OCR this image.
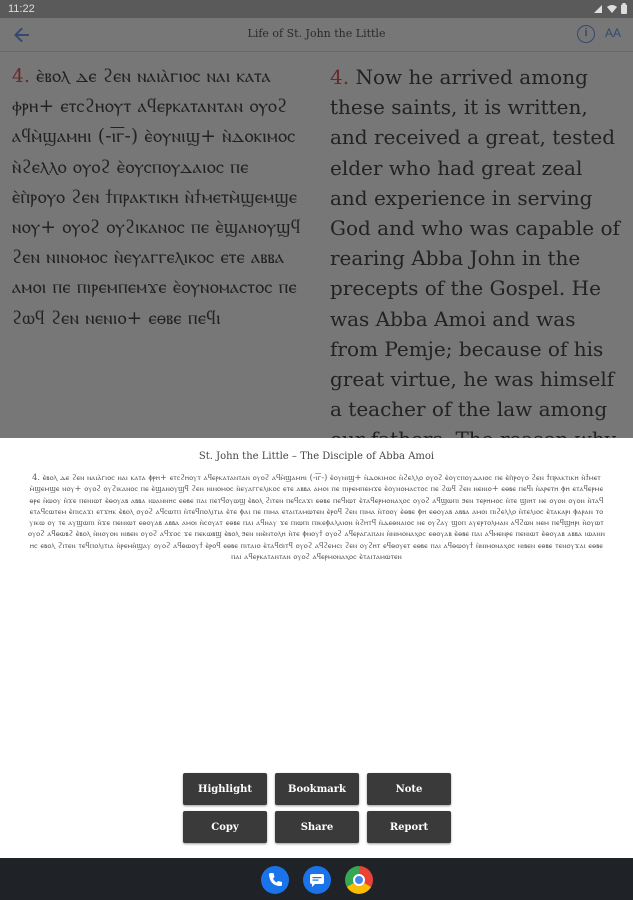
11:22
Life of St. John the Little	i	AA
4. ⲉ̀ⲃⲟⲗ ⲇⲉ ϩⲉⲛ ⲛⲁⲓⲁ̀ⲅⲓⲟⲥ ⲛⲁⲓ ⲕⲁⲧⲁ ⲫⲣⲏ+ ⲉⲧⲥϩⲏⲟⲩⲧ ⲁϥⲉⲣⲕⲁⲧⲁⲛⲧⲁⲛ ⲟⲩⲟϩ ⲁϥⲙ̀ϣⲁⲙⲏⲓ (-ⲓ̅ⲅ̅-) ⲉ̀ⲟⲩⲛⲓϣ+ ⲛ̀ⲇⲟⲕⲓⲙⲟⲥ ⲛ̀ϩⲉⲗⲗⲟ ⲟⲩⲟϩ ⲉ̀ⲟⲩⲥⲡⲟⲩⲇⲁⲓⲟⲥ ⲡⲉ ⲉ̀ⲡ̀ⲣⲟⲩⲟ ϩⲉⲛ ϯⲡⲣⲁⲕⲧⲓⲕⲏ ⲛ̀ϯⲙⲉⲧⲙ̀ϣⲉⲙϣⲉ ⲛⲟⲩ+ ⲟⲩⲟϩ ⲟⲩϩⲓⲕⲁⲛⲟⲥ ⲡⲉ ⲉ̀ϣⲁⲛⲟⲩϣϥ ϩⲉⲛ ⲛⲓⲛⲟⲙⲟⲥ ⲛ̀ⲉⲩⲁⲅⲅⲉⲗⲓⲕⲟⲥ ⲉⲧⲉ ⲁⲃⲃⲁ ⲁⲙⲟⲓ ⲡⲉ ⲡⲓⲣⲉⲙⲡⲉⲙϫⲉ ⲉ̀ⲟⲩⲛⲟⲙⲁⲥⲧⲟⲥ ⲡⲉ ϩⲱϥ ϩⲉⲛ ⲛⲉⲛⲓⲟ+ ⲉⲑⲃⲉ ⲡⲉϥⲓ
4. Now he arrived among these saints, it is written, and received a great, tested elder who had great zeal and experience in serving God and who was capable of rearing Abba John in the precepts of the Gospel. He was Abba Amoi and was from Pemje; because of his great virtue, he was himself a teacher of the law among
St. John the Little – The Disciple of Abba Amoi
4. ⲉ̀ⲃⲟⲗ ⲇⲉ ϩⲉⲛ ⲛⲁⲓⲁ̀ⲅⲓⲟⲥ ⲛⲁⲓ ⲕⲁⲧⲁ ⲫⲣⲏ+ ⲉⲧⲥϩⲏⲟⲩⲧ ⲁϥⲉⲣⲕⲁⲧⲁⲛⲧⲁⲛ ⲟⲩⲟϩ ⲁϥⲙ̀ϣⲁⲙⲏⲓ (-ⲓ̅ⲅ̅-) ⲉ̀ⲟⲩⲛⲓϣ+ ⲛ̀ⲇⲟⲕⲓⲙⲟⲥ ⲛ̀ϩⲉⲗⲗⲟ ⲟⲩⲟϩ ⲉ̀ⲟⲩⲥⲡⲟⲩⲇⲁⲓⲟⲥ ⲡⲉ ⲉ̀ⲡ̀ⲣⲟⲩⲟ ϩⲉⲛ ϯⲡⲣⲁⲕⲧⲓⲕⲏ ⲛ̀ϯⲙⲉⲧⲙ̀ϣⲉⲙϣⲉ ⲛⲟⲩ+ ⲟⲩⲟϩ ⲟⲩϩⲓⲕⲁⲛⲟⲥ ⲡⲉ ⲉ̀ϣⲁⲛⲟⲩϣϥ ϩⲉⲛ ⲛⲓⲛⲟⲙⲟⲥ ⲛ̀ⲉⲩⲁⲅⲅⲉⲗⲓⲕⲟⲥ ⲉⲧⲉ ⲁⲃⲃⲁ ⲁⲙⲟⲓ ⲡⲉ ⲡⲓⲣⲉⲙⲡⲉⲙϫⲉ ⲉ̀ⲟⲩⲛⲟⲙⲁⲥⲧⲟⲥ ⲡⲉ ϩⲱϥ ϩⲉⲛ ⲛⲉⲛⲓⲟ+ ⲉⲑⲃⲉ ⲡⲉϥⲓ ⲛ̀ⲁⲣⲉⲧⲏ ⲫⲏ ⲉⲧⲁϥⲉⲣⲙⲉⲑⲣⲉ ⲛ̀ⲱⲟⲩ ⲛ̀ϫⲉ ⲡⲉⲛⲓⲱⲧ ⲉ̀ⲑⲟⲩⲁⲃ ⲁⲃⲃⲁ ⲓⲱⲁⲛⲛⲏⲥ ⲉⲑⲃⲉ ⲡⲁⲓ ⲡⲉⲧϥⲟⲩⲱϣ ⲉ̀ⲃⲟⲗ ϩⲓⲧⲉⲛ ⲡⲉϥⲥⲁϫⲓ ⲉⲑⲃⲉ ⲡⲉϥⲓⲱⲧ ⲉ̀ⲧⲁϥⲉⲣⲙⲟⲛⲁⲭⲟⲥ ⲟⲩⲟϩ ⲁϥϣⲱⲡⲓ ϧⲉⲛ ⲧⲉⲣⲏⲙⲟⲥ ⲛ̀ⲧⲉ ϣⲓⲏⲧ ⲛⲉ ⲟⲩⲟⲛ ⲟⲩⲟⲛ ⲛ̀ⲧⲁϥ ⲉⲧⲁϥⲥⲱⲧⲉⲙ ⲉ̀ⲡⲓⲥⲁϫⲓ ⲉⲧϫⲏⲕ ⲉ̀ⲃⲟⲗ ⲟⲩⲟϩ ⲁϥⲥⲱⲧⲡ ⲛ̀ⲧⲉϥⲡⲟⲗⲓⲧⲓⲁ ⲉ̀ⲧⲉ ⲫⲁⲓ ⲡⲉ ⲡⲓⲙⲁ ⲉⲧⲁⲓⲧⲁⲙⲱⲧⲉⲛ ⲉ̀ⲣⲟϥ ϩⲉⲛ ⲡⲓⲙⲁ ⲛ̀ⲧⲟⲟⲩ ⲉ̀ⲑⲃⲉ ⲫⲏ ⲉⲑⲟⲩⲁⲃ ⲁⲃⲃⲁ ⲁⲙⲟⲓ ⲡⲓϩⲉⲗⲗⲟ ⲛ̀ⲧⲉⲗⲓⲟⲥ ⲉ̀ⲧⲁⲕⲁⲣⲓ ⲫⲁⲣⲁⲛ ⲧⲟⲩⲓⲕⲱ ⲟⲩ ⲧⲉ ⲁⲩϣⲱⲡⲓ ⲛ̀ϫⲉ ⲡⲉⲛⲓⲱⲧ ⲉⲑⲟⲩⲁⲃ ⲁⲃⲃⲁ ⲁⲙⲟⲓ ⲛ̀ⲥⲟⲩⲁⲧ ⲉⲑⲃⲉ ⲡⲁⲓ ⲁϥⲛⲁⲩ ϫⲉ ⲡⲓⲱⲡⲓ ⲡⲓⲕⲉⲫⲁⲗⲁⲓⲟⲛ ⲛ̀ϩⲏⲧϥ ⲛ̀ⲇⲉⲑⲛⲁⲓⲟⲥ ⲛⲉ ⲟⲩϩⲁⲩ ϣⲟⲡ ⲁⲩⲉⲣⲧⲟⲗⲙⲁⲛ ⲁϥϩⲱⲛ ⲛⲉⲙ ⲡⲉϥϣⲏⲣⲓ ⲛ̀ⲟⲩⲱⲧ ⲟⲩⲟϩ ⲁϥⲑⲱⲃϩ ⲉ̀ⲃⲟⲗ ⲛ̀ⲛⲟⲩⲟⲛ ⲛⲓⲃⲉⲛ ⲟⲩⲟϩ ⲁϥϫⲟⲥ ϫⲉ ⲡⲉⲕⲱⲃϣ ⲉ̀ⲃⲟⲗ ϧⲉⲛ ⲛⲓⲉ̀ⲛⲧⲟⲗⲏ ⲛ̀ⲧⲉ ⲫⲛⲟⲩϯ ⲟⲩⲟϩ ⲁϥⲉⲣⲁⲅⲁⲡⲁⲛ ⲛ̀ⲛⲓⲙⲟⲛⲁⲭⲟⲥ ⲉⲑⲟⲩⲁⲃ ⲉ̀ⲑⲃⲉ ⲡⲁⲓ ⲁϥⲙⲉⲛⲣⲉ ⲡⲉⲛⲓⲱⲧ ⲉ̀ⲑⲟⲩⲁⲃ ⲁⲃⲃⲁ ⲓⲱⲁⲛⲛⲏⲥ ⲉⲃⲟⲗ ϩⲓⲧⲉⲛ ⲧⲉϥⲡⲟⲗⲓⲧⲓⲁ ⲛ̀ⲣⲉⲙⲛ̀ϣⲁⲩ ⲟⲩⲟϩ ⲁϥⲑⲱⲟⲩϯ ⲉ̀ⲣⲟϥ ⲉⲑⲃⲉ ⲡⲓⲧⲁⲓⲟ ⲉ̀ⲧⲁϥϭⲓⲧϥ ⲟⲩⲟϩ ⲁϥϩⲉⲙⲥⲓ ϩⲉⲛ ⲟⲩϩⲏⲧ ⲉϥⲑⲟⲩⲉⲧ ⲉⲑⲃⲉ ⲡⲁⲓ ⲁϥⲑⲱⲟⲩϯ ⲛ̀ⲛⲓⲙⲟⲛⲁⲭⲟⲥ ⲛⲓⲃⲉⲛ ⲉⲑⲃⲉ ⲧⲉⲛⲟⲩϫⲁⲓ ⲉⲑⲃⲉ ⲡⲁⲓ ⲁϥⲉⲣⲕⲁⲧⲁⲛⲧⲁⲛ ⲟⲩⲟϩ ⲁϥⲉⲣⲙⲟⲛⲁⲭⲟⲥ ⲉ̀ⲧⲁⲓⲧⲁⲙⲱⲧⲉⲛ
Highlight	Bookmark	Note
Copy	Share	Report
